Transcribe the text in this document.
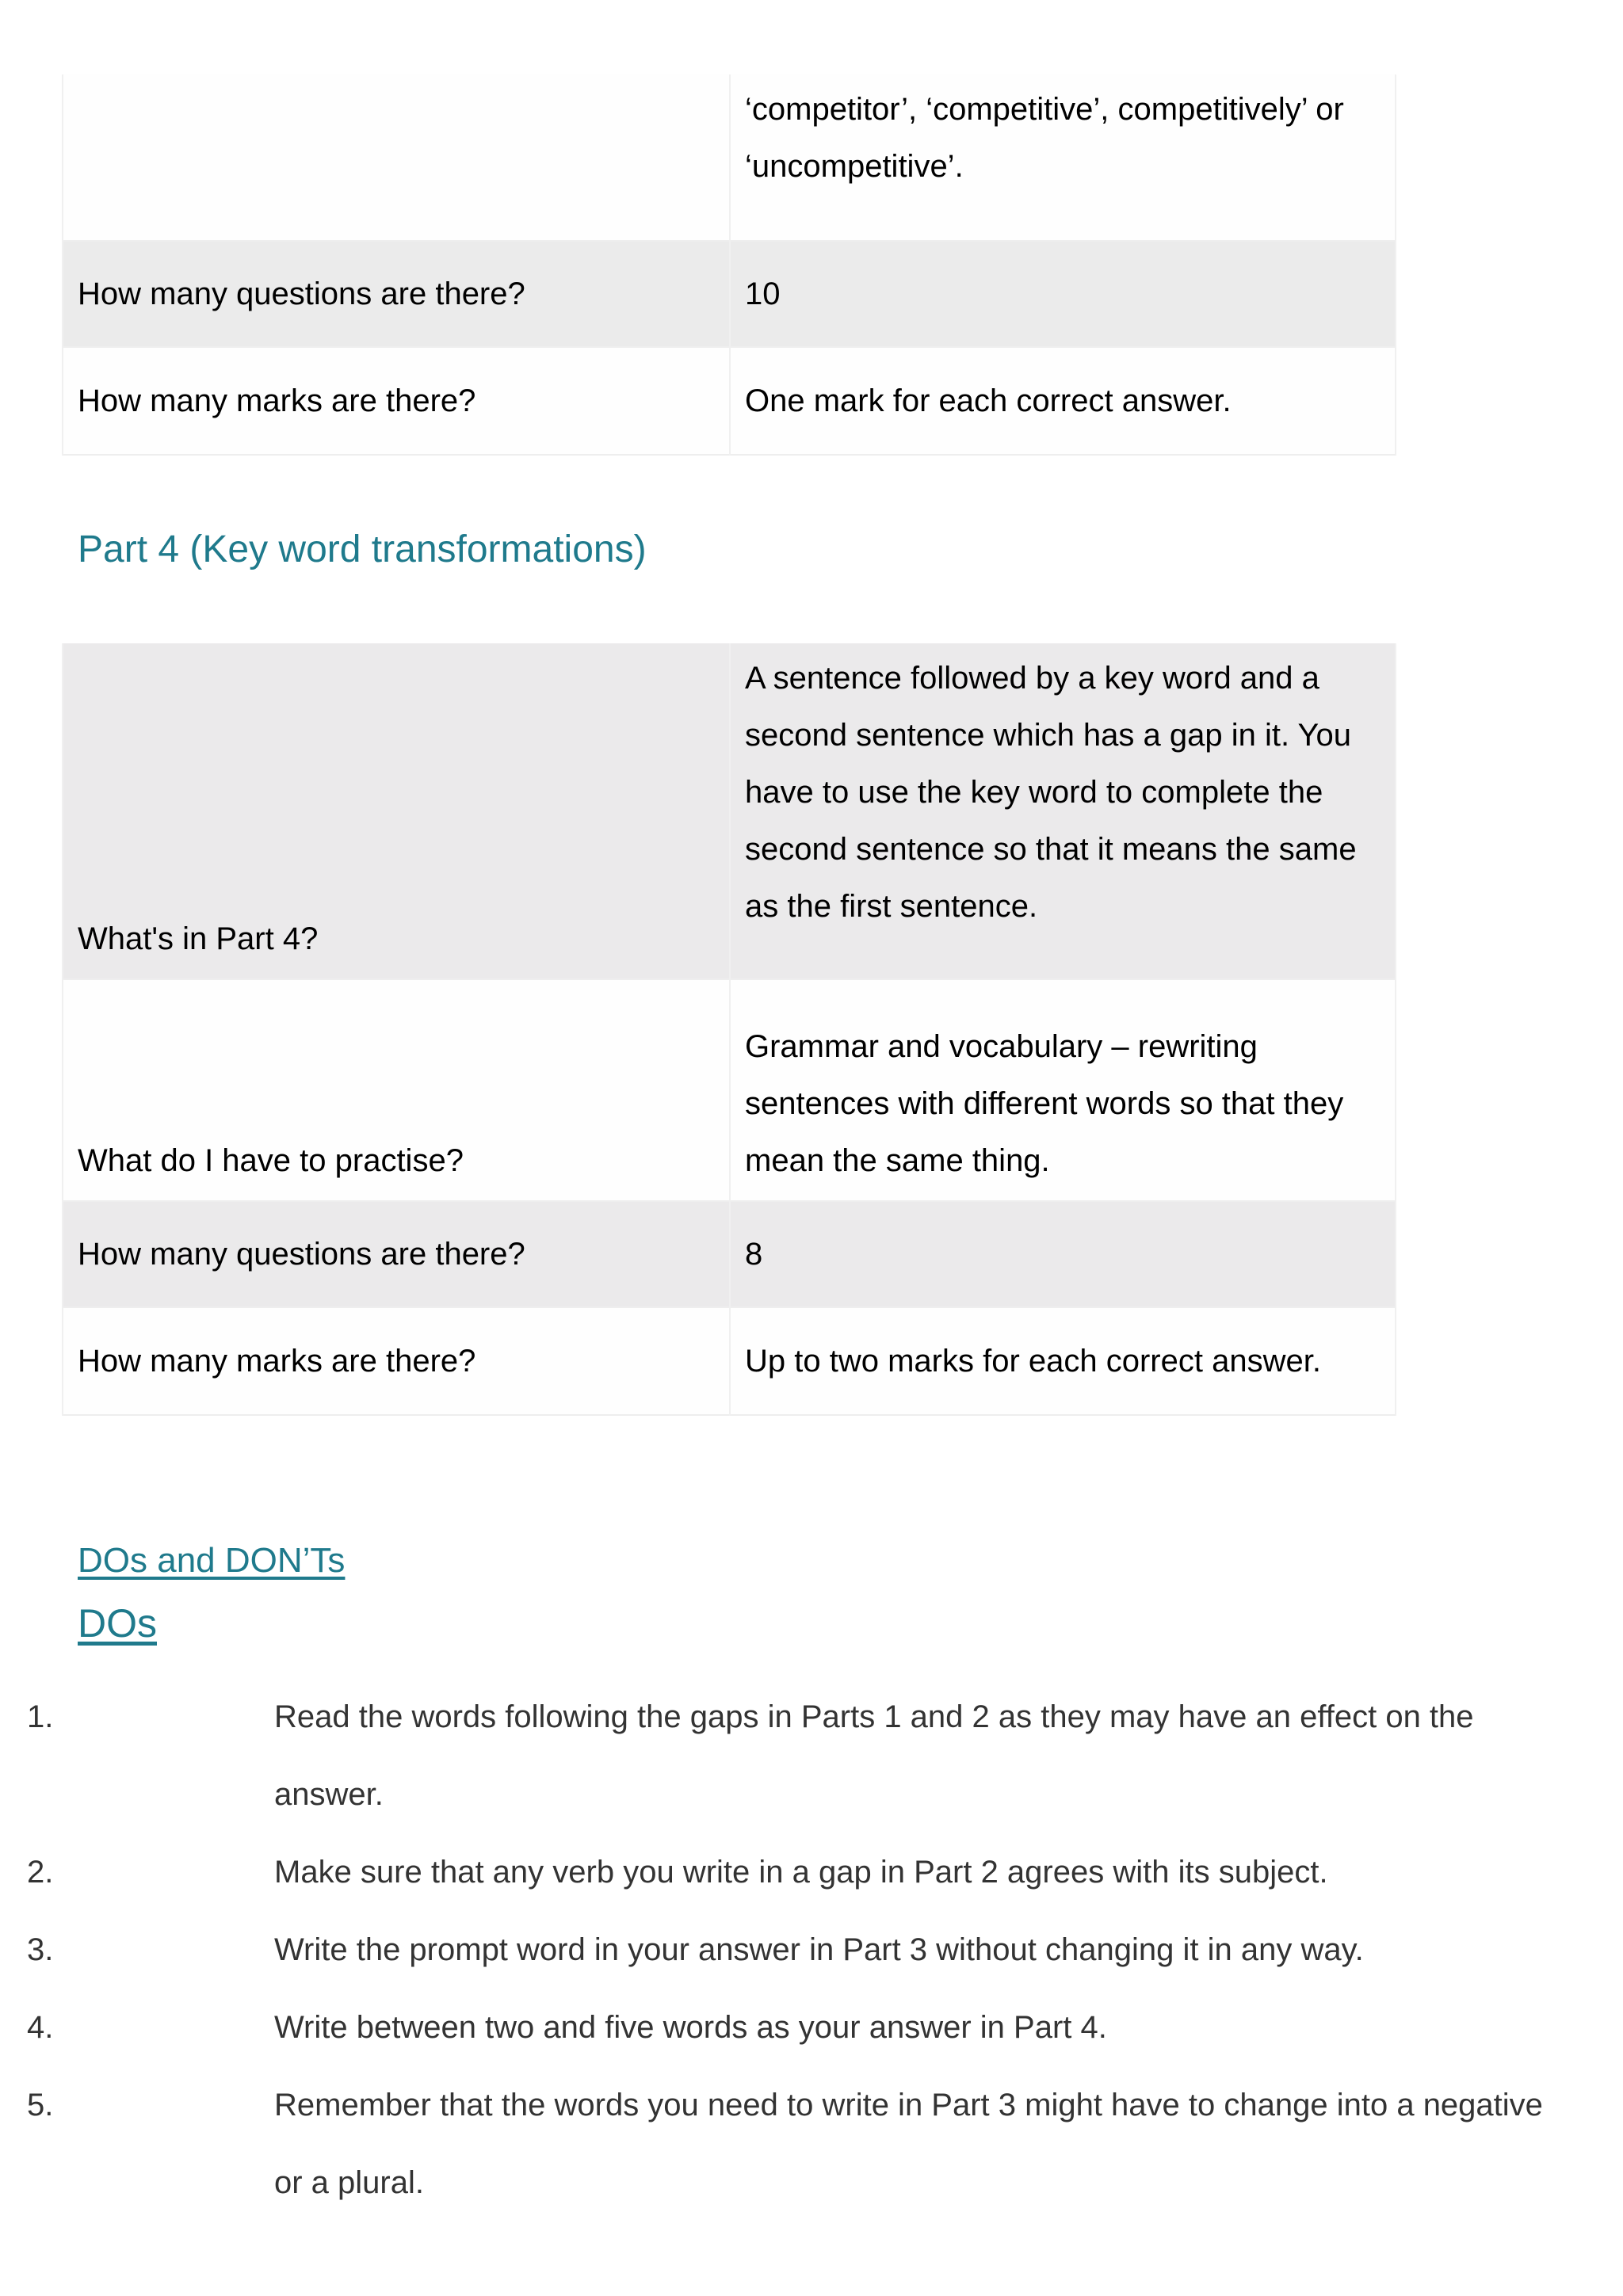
	‘competitor’, ‘competitive’, competitively’ or ‘uncompetitive’.
How many questions are there?	10
How many marks are there?	One mark for each correct answer.
Part 4 (Key word transformations)
What's in Part 4?	A sentence followed by a key word and a second sentence which has a gap in it. You have to use the key word to complete the second sentence so that it means the same as the first sentence.
What do I have to practise?	Grammar and vocabulary – rewriting sentences with different words so that they mean the same thing.
How many questions are there?	8
How many marks are there?	Up to two marks for each correct answer.
DOs and DON’Ts
DOs
1.	Read the words following the gaps in Parts 1 and 2 as they may have an effect on the answer.
2.	Make sure that any verb you write in a gap in Part 2 agrees with its subject.
3.	Write the prompt word in your answer in Part 3 without changing it in any way.
4.	Write between two and five words as your answer in Part 4.
5.	Remember that the words you need to write in Part 3 might have to change into a negative or a plural.
